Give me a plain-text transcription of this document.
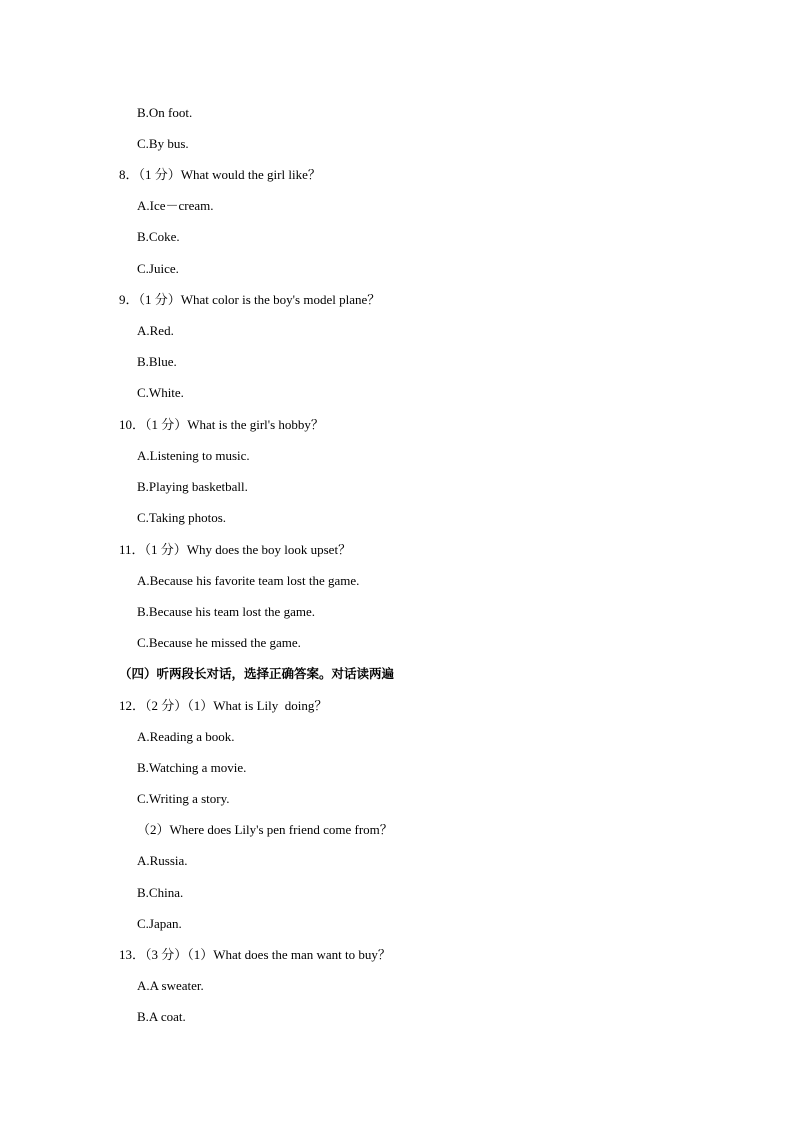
B.On foot.
C.By bus.
8．（1 分）What would the girl like？
A.Ice－cream.
B.Coke.
C.Juice.
9．（1 分）What color is the boy's model plane？
A.Red.
B.Blue.
C.White.
10．（1 分）What is the girl's hobby？
A.Listening to music.
B.Playing basketball.
C.Taking photos.
11．（1 分）Why does the boy look upset？
A.Because his favorite team lost the game.
B.Because his team lost the game.
C.Because he missed the game.
（四）听两段长对话，选择正确答案。对话读两遍
12．（2 分）（1）What is Lily  doing？
A.Reading a book.
B.Watching a movie.
C.Writing a story.
（2）Where does Lily's pen friend come from？
A.Russia.
B.China.
C.Japan.
13．（3 分）（1）What does the man want to buy？
A.A sweater.
B.A coat.
